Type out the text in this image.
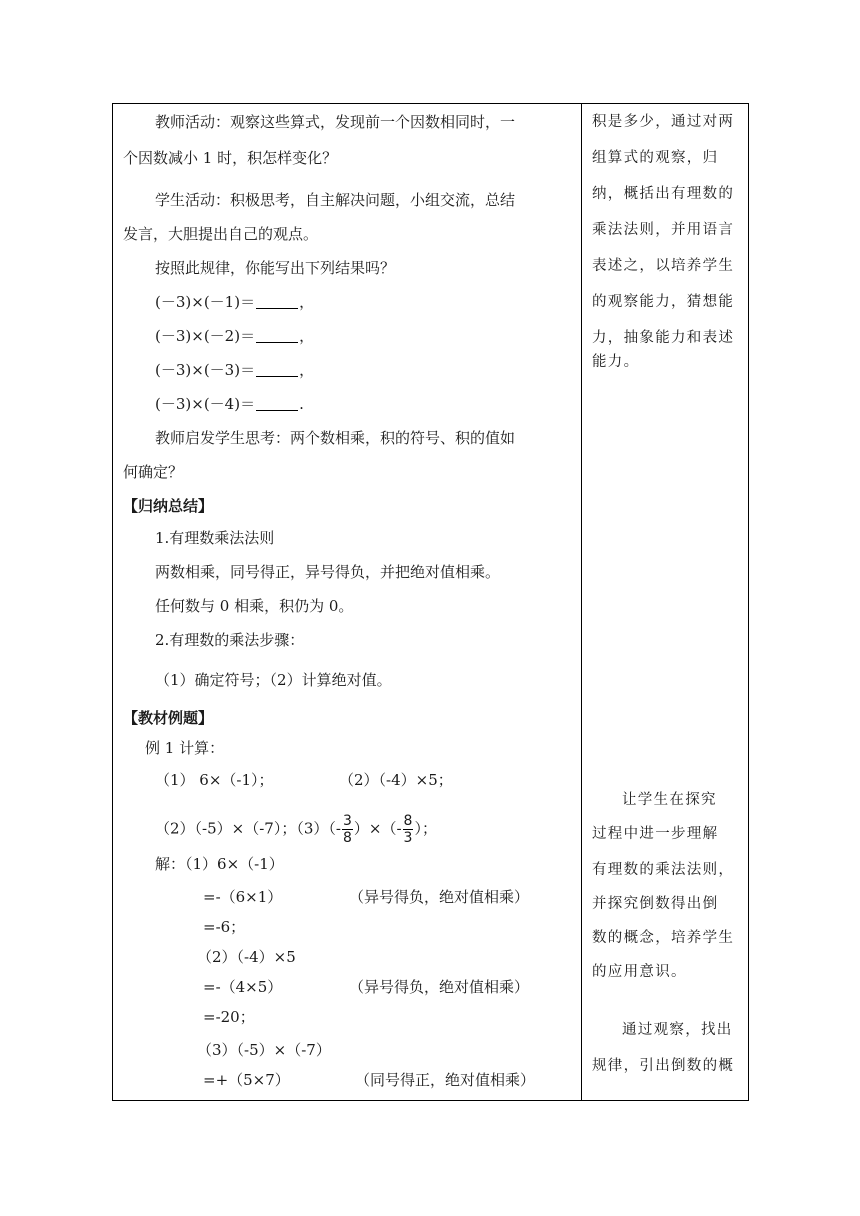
教师活动：观察这些算式，发现前一个因数相同时，一
个因数减小 1 时，积怎样变化？
学生活动：积极思考，自主解决问题，小组交流，总结
发言，大胆提出自己的观点。
按照此规律，你能写出下列结果吗？
(－3)×(－1)＝	，
(－3)×(－2)＝	，
(－3)×(－3)＝	，
(－3)×(－4)＝	.
教师启发学生思考：两个数相乘，积的符号、积的值如
何确定？
【归纳总结】
1.有理数乘法法则
两数相乘，同号得正，异号得负，并把绝对值相乘。
任何数与 0 相乘，积仍为 0。
2.有理数的乘法步骤：
（1）确定符号；（2）计算绝对值。
【教材例题】
例 1 计算：
（1） 6×（-1）；	（2）（-4）×5；
（2）（-5）×（-7）；$(3)(- \frac{3}{8}$ ）×（- $\frac{8}{3}$ ）；
解：（1）6×（-1）
=-（6×1）	（异号得负，绝对值相乘）
=-6；
（2）（-4）×5
=-（4×5）	（异号得负，绝对值相乘）
=-20；
（3）（-5）×（-7）
=+（5×7）	（同号得正，绝对值相乘）
积是多少，通过对两
组算式的观察，归
纳，概括出有理数的
乘法法则，并用语言
表述之，以培养学生
的观察能力，猜想能
力，抽象能力和表述
能力。
让学生在探究
过程中进一步理解
有理数的乘法法则，
并探究倒数得出倒
数的概念，培养学生
的应用意识。
通过观察，找出
规律，引出倒数的概
